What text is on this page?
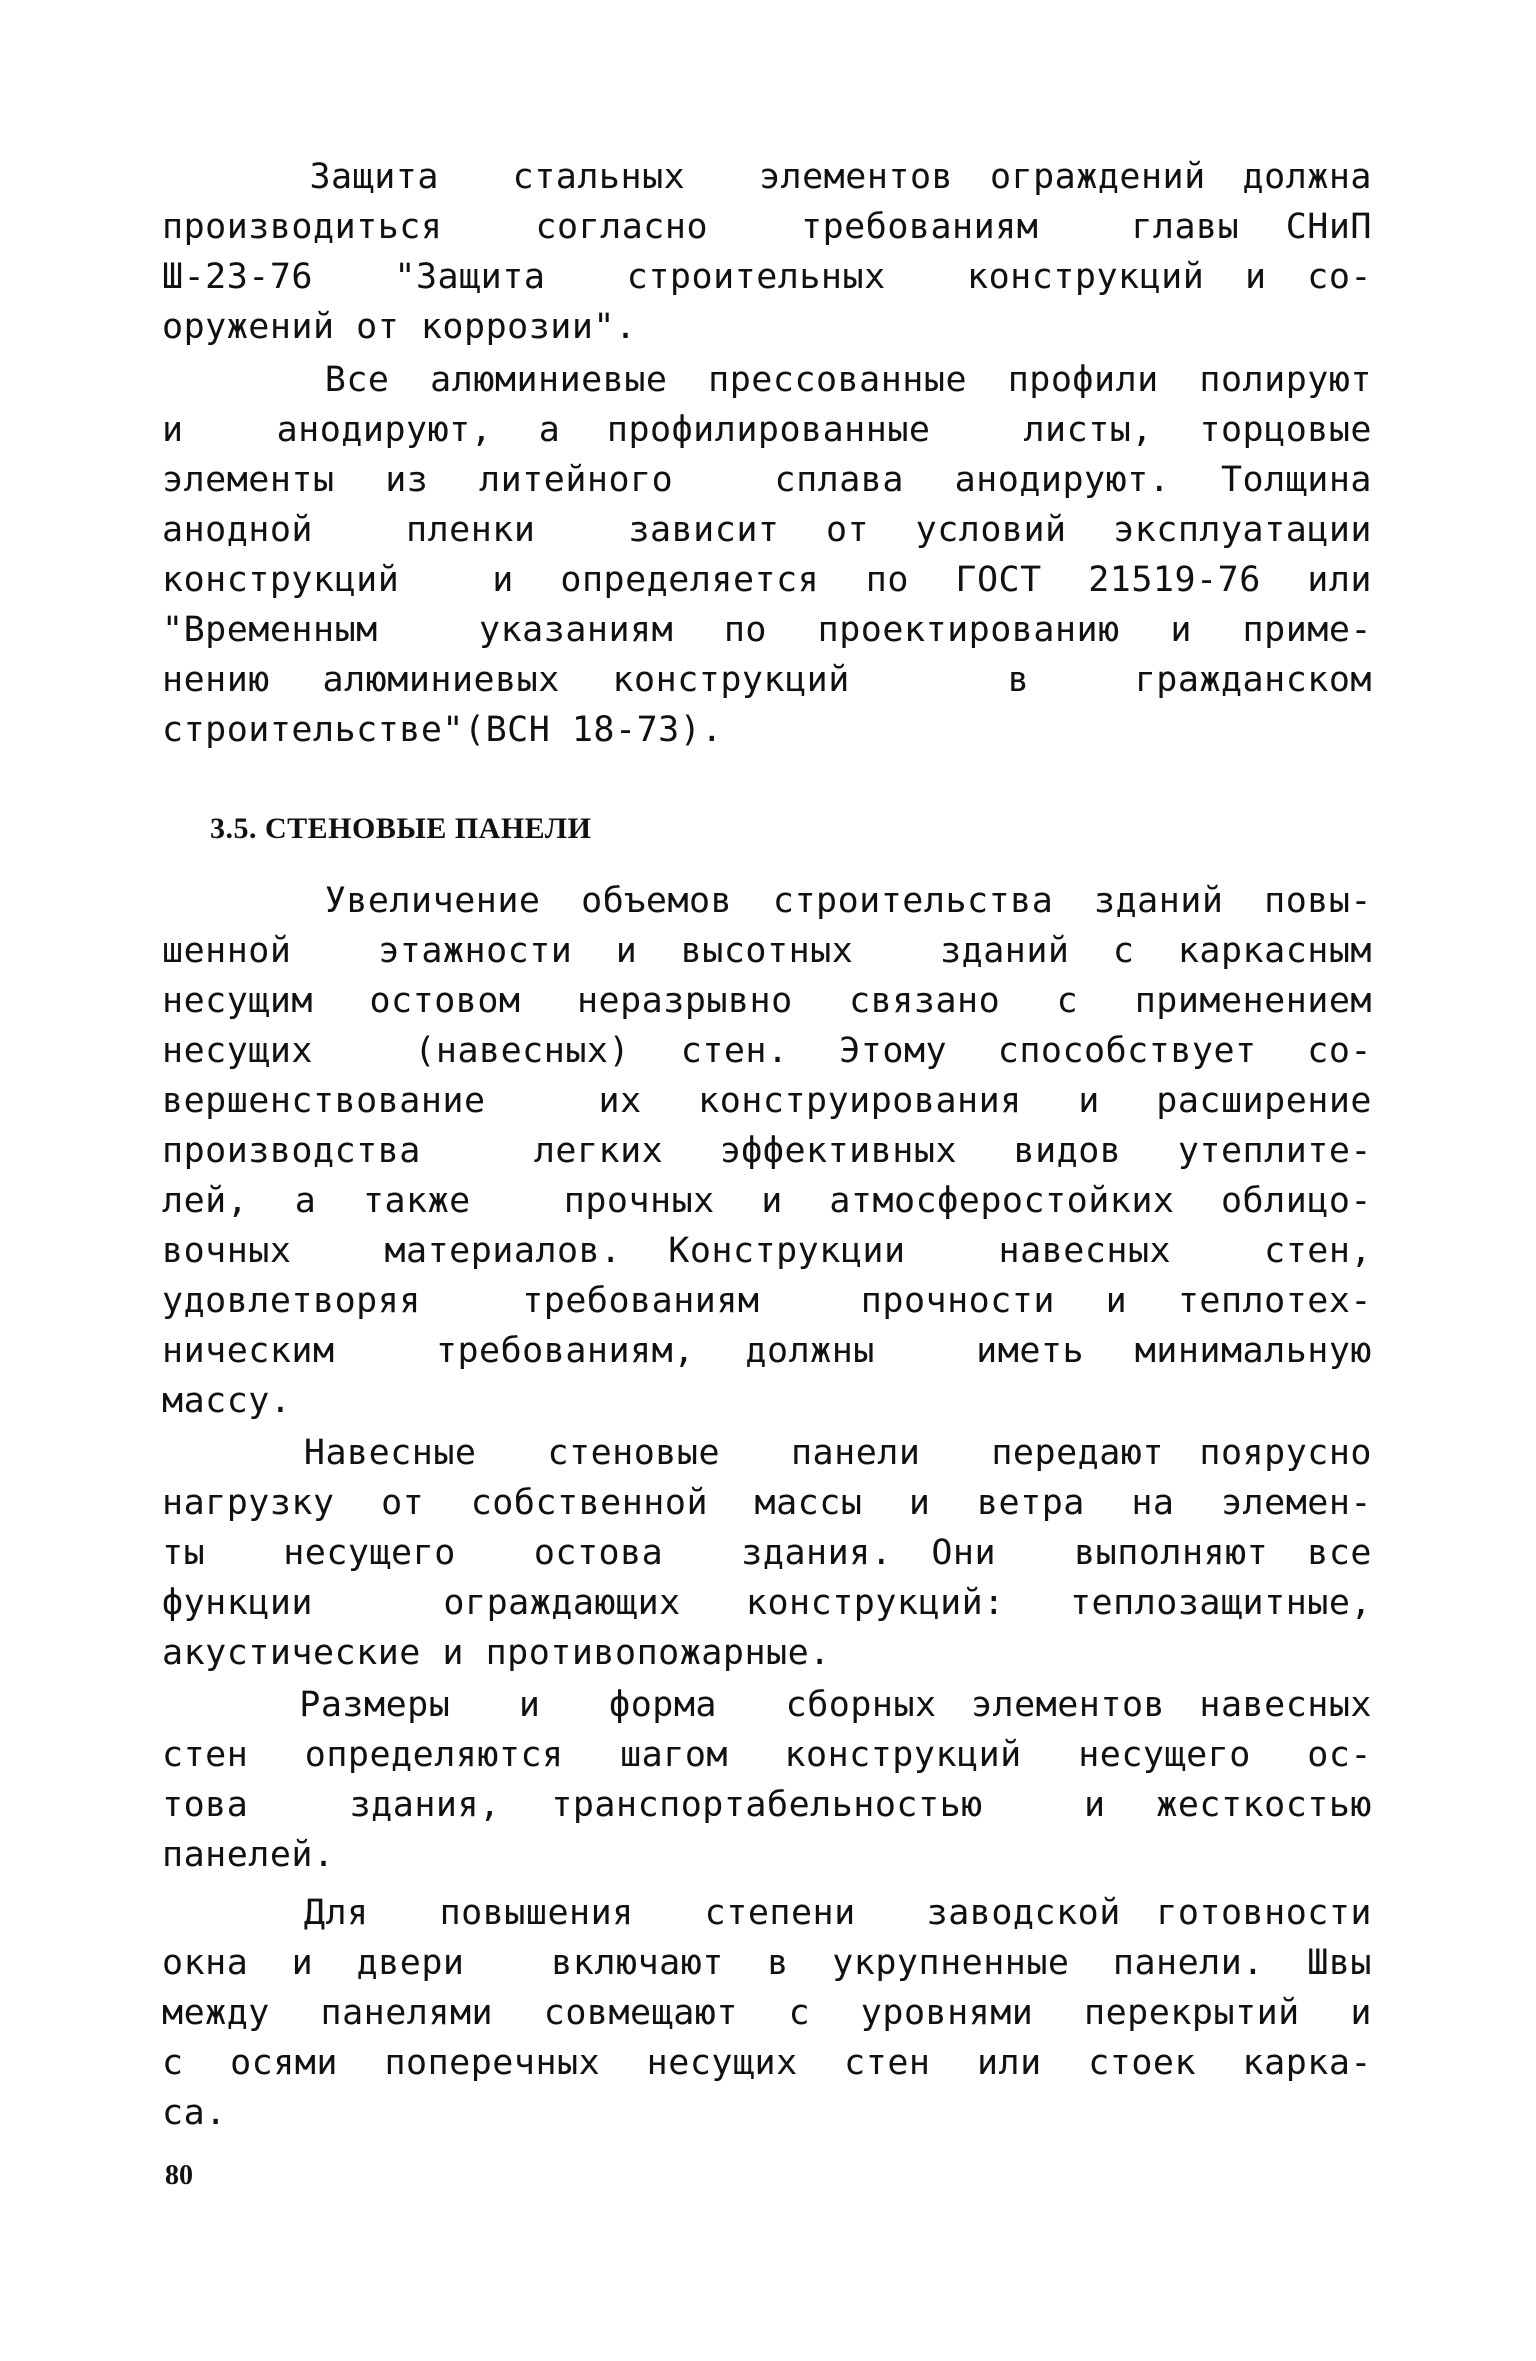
Защита  стальных  элементов ограждений должна
производиться  согласно  требованиям  главы СНиП
Ш-23-76  "Защита  строительных  конструкций и со-
оружений от коррозии".
Все алюминиевые прессованные профили полируют
и  анодируют, а профилированные  листы, торцовые
элементы из литейного  сплава анодируют. Толщина
анодной  пленки  зависит от условий эксплуатации
конструкций  и определяется по ГОСТ 21519-76 или
"Временным  указаниям по проектированию и приме-
нению алюминиевых конструкций   в  гражданском
строительстве"(ВСН 18-73).
3.5. СТЕНОВЫЕ ПАНЕЛИ
Увеличение объемов строительства зданий повы-
шенной  этажности и высотных  зданий с каркасным
несущим остовом неразрывно связано с применением
несущих  (навесных) стен. Этому способствует со-
вершенствование  их конструирования и расширение
производства  легких эффективных видов утеплите-
лей, а также  прочных и атмосферостойких облицо-
вочных  материалов. Конструкции  навесных  стен,
удовлетворяя  требованиям  прочности и теплотех-
ническим  требованиям, должны  иметь минимальную
массу.
Навесные  стеновые  панели  передают поярусно
нагрузку от собственной массы и ветра на элемен-
ты  несущего  остова  здания. Они  выполняют все
функции  ограждающих конструкций: теплозащитные,
акустические и противопожарные.
Размеры  и  форма  сборных элементов навесных
стен определяются шагом конструкций несущего ос-
това  здания, транспортабельностью  и жесткостью
панелей.
Для  повышения  степени  заводской готовности
окна и двери  включают в укрупненные панели. Швы
между панелями совмещают с уровнями перекрытий и
с осями поперечных несущих стен или стоек карка-
са.
80
